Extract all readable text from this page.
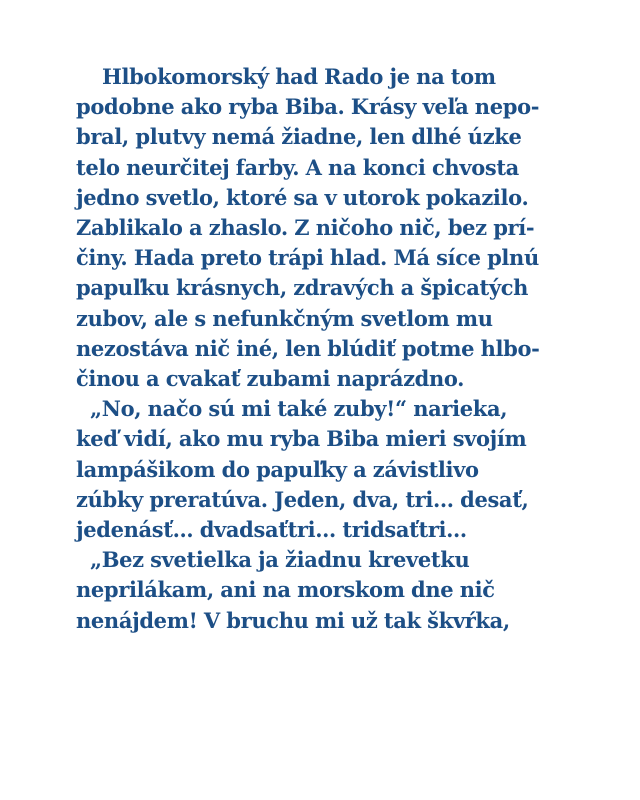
Hlbokomorský had Rado je na tom
podobne ako ryba Biba. Krásy veľa nepo-
bral, plutvy nemá žiadne, len dlhé úzke
telo neurčitej farby. A na konci chvosta
jedno svetlo, ktoré sa v utorok pokazilo.
Zablikalo a zhaslo. Z ničoho nič, bez prí-
činy. Hada preto trápi hlad. Má síce plnú
papuľku krásnych, zdravých a špicatých
zubov, ale s nefunkčným svetlom mu
nezostáva nič iné, len blúdiť potme hlbo-
činou a cvakať zubami naprázdno.
„No, načo sú mi také zuby!“ narieka,
keď vidí, ako mu ryba Biba mieri svojím
lampášikom do papuľky a závistlivo
zúbky preratúva. Jeden, dva, tri… desať,
jedenásť… dvadsaťtri… tridsaťtri…
„Bez svetielka ja žiadnu krevetku
neprilákam, ani na morskom dne nič
nenájdem! V bruchu mi už tak škvŕka,
